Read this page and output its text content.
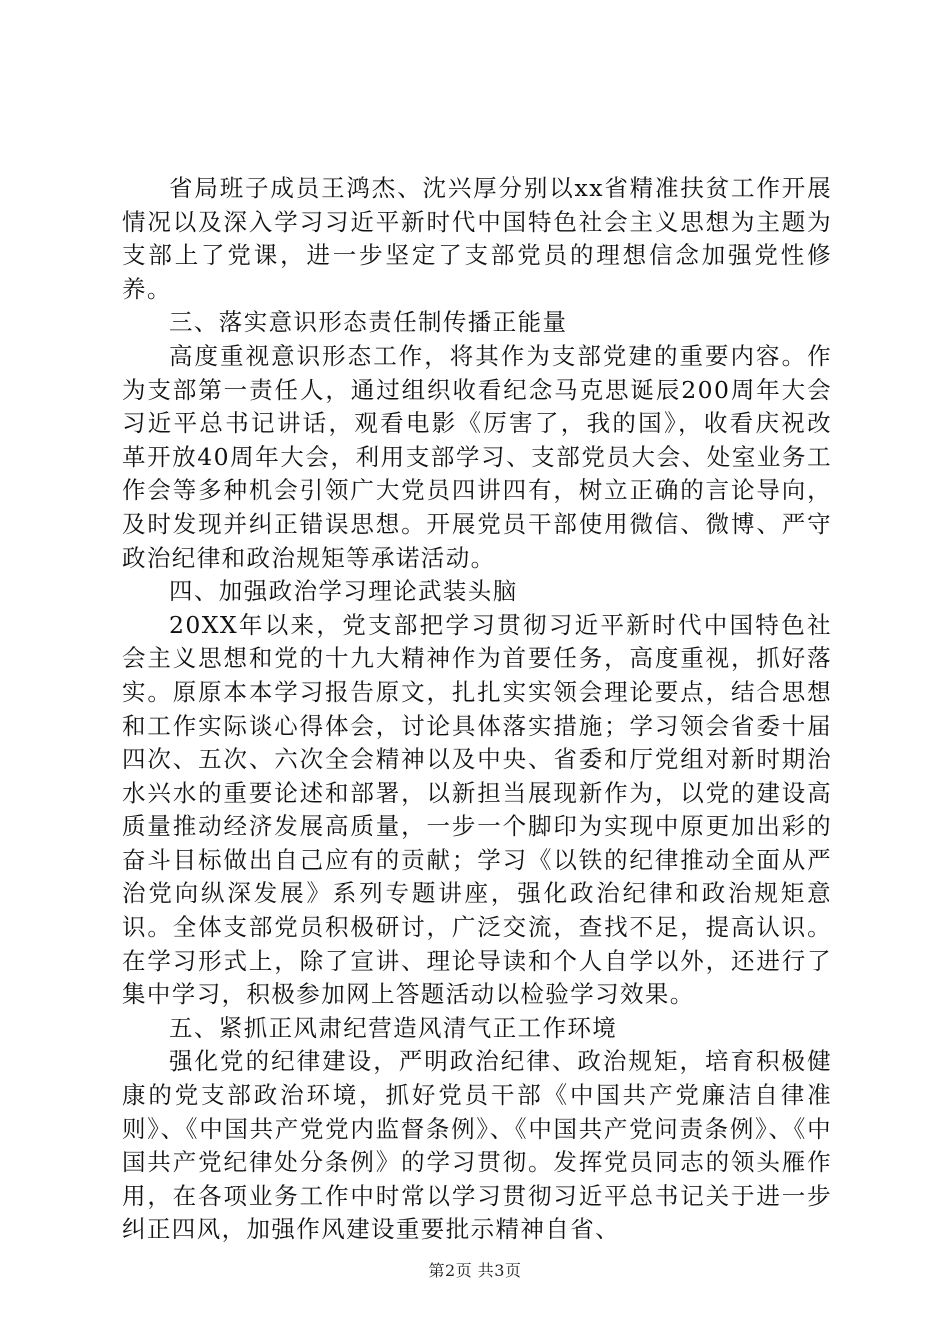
省局班子成员王鸿杰、沈兴厚分别以xx省精准扶贫工作开展情况以及深入学习习近平新时代中国特色社会主义思想为主题为支部上了党课，进一步坚定了支部党员的理想信念加强党性修养。

三、落实意识形态责任制传播正能量

高度重视意识形态工作，将其作为支部党建的重要内容。作为支部第一责任人，通过组织收看纪念马克思诞辰200周年大会习近平总书记讲话，观看电影《厉害了，我的国》，收看庆祝改革开放40周年大会，利用支部学习、支部党员大会、处室业务工作会等多种机会引领广大党员四讲四有，树立正确的言论导向，及时发现并纠正错误思想。开展党员干部使用微信、微博、严守政治纪律和政治规矩等承诺活动。

四、加强政治学习理论武装头脑

20XX年以来，党支部把学习贯彻习近平新时代中国特色社会主义思想和党的十九大精神作为首要任务，高度重视，抓好落实。原原本本学习报告原文，扎扎实实领会理论要点，结合思想和工作实际谈心得体会，讨论具体落实措施；学习领会省委十届四次、五次、六次全会精神以及中央、省委和厅党组对新时期治水兴水的重要论述和部署，以新担当展现新作为，以党的建设高质量推动经济发展高质量，一步一个脚印为实现中原更加出彩的奋斗目标做出自己应有的贡献；学习《以铁的纪律推动全面从严治党向纵深发展》系列专题讲座，强化政治纪律和政治规矩意识。全体支部党员积极研讨，广泛交流，查找不足，提高认识。在学习形式上，除了宣讲、理论导读和个人自学以外，还进行了集中学习，积极参加网上答题活动以检验学习效果。

五、紧抓正风肃纪营造风清气正工作环境

强化党的纪律建设，严明政治纪律、政治规矩，培育积极健康的党支部政治环境，抓好党员干部《中国共产党廉洁自律准则》、《中国共产党党内监督条例》、《中国共产党问责条例》、《中国共产党纪律处分条例》的学习贯彻。发挥党员同志的领头雁作用，在各项业务工作中时常以学习贯彻习近平总书记关于进一步纠正四风，加强作风建设重要批示精神自省、

第2页 共3页
